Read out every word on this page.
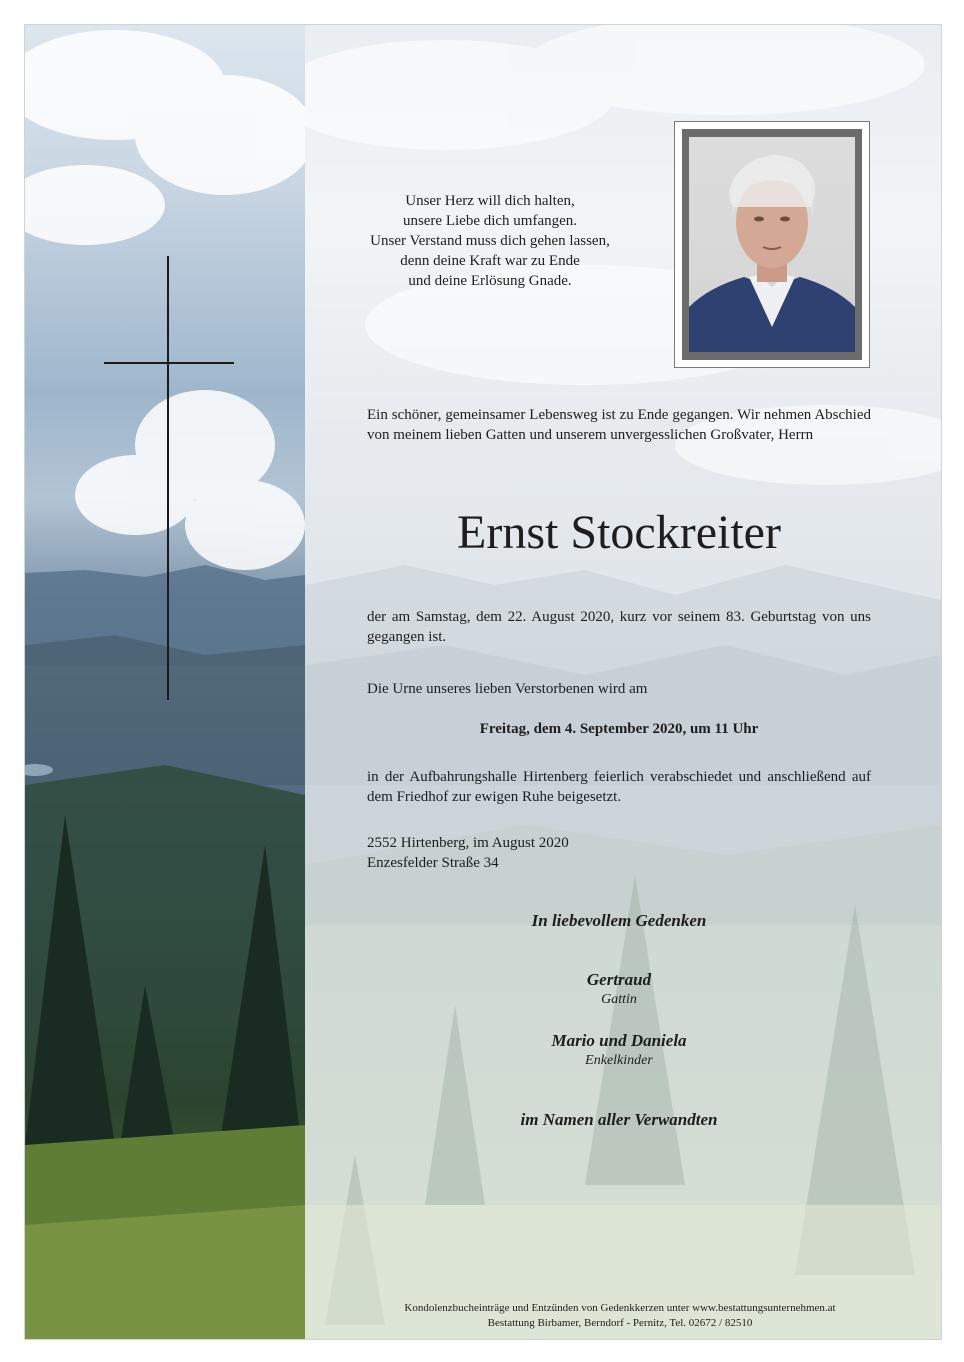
Unser Herz will dich halten,
unsere Liebe dich umfangen.
Unser Verstand muss dich gehen lassen,
denn deine Kraft war zu Ende
und deine Erlösung Gnade.
Ein schöner, gemeinsamer Lebensweg ist zu Ende gegangen. Wir nehmen Abschied von meinem lieben Gatten und unserem unvergesslichen Großvater, Herrn
Ernst Stockreiter
der am Samstag, dem 22. August 2020, kurz vor seinem 83. Geburtstag von uns gegangen ist.
Die Urne unseres lieben Verstorbenen wird am
Freitag, dem 4. September 2020, um 11 Uhr
in der Aufbahrungshalle Hirtenberg feierlich verabschiedet und anschließend auf dem Friedhof zur ewigen Ruhe beigesetzt.
2552 Hirtenberg, im August 2020
Enzesfelder Straße 34
In liebevollem Gedenken
Gertraud
Gattin
Mario und Daniela
Enkelkinder
im Namen aller Verwandten
Kondolenzbucheinträge und Entzünden von Gedenkkerzen unter www.bestattungsunternehmen.at
Bestattung Birbamer, Berndorf - Pernitz, Tel. 02672 / 82510
